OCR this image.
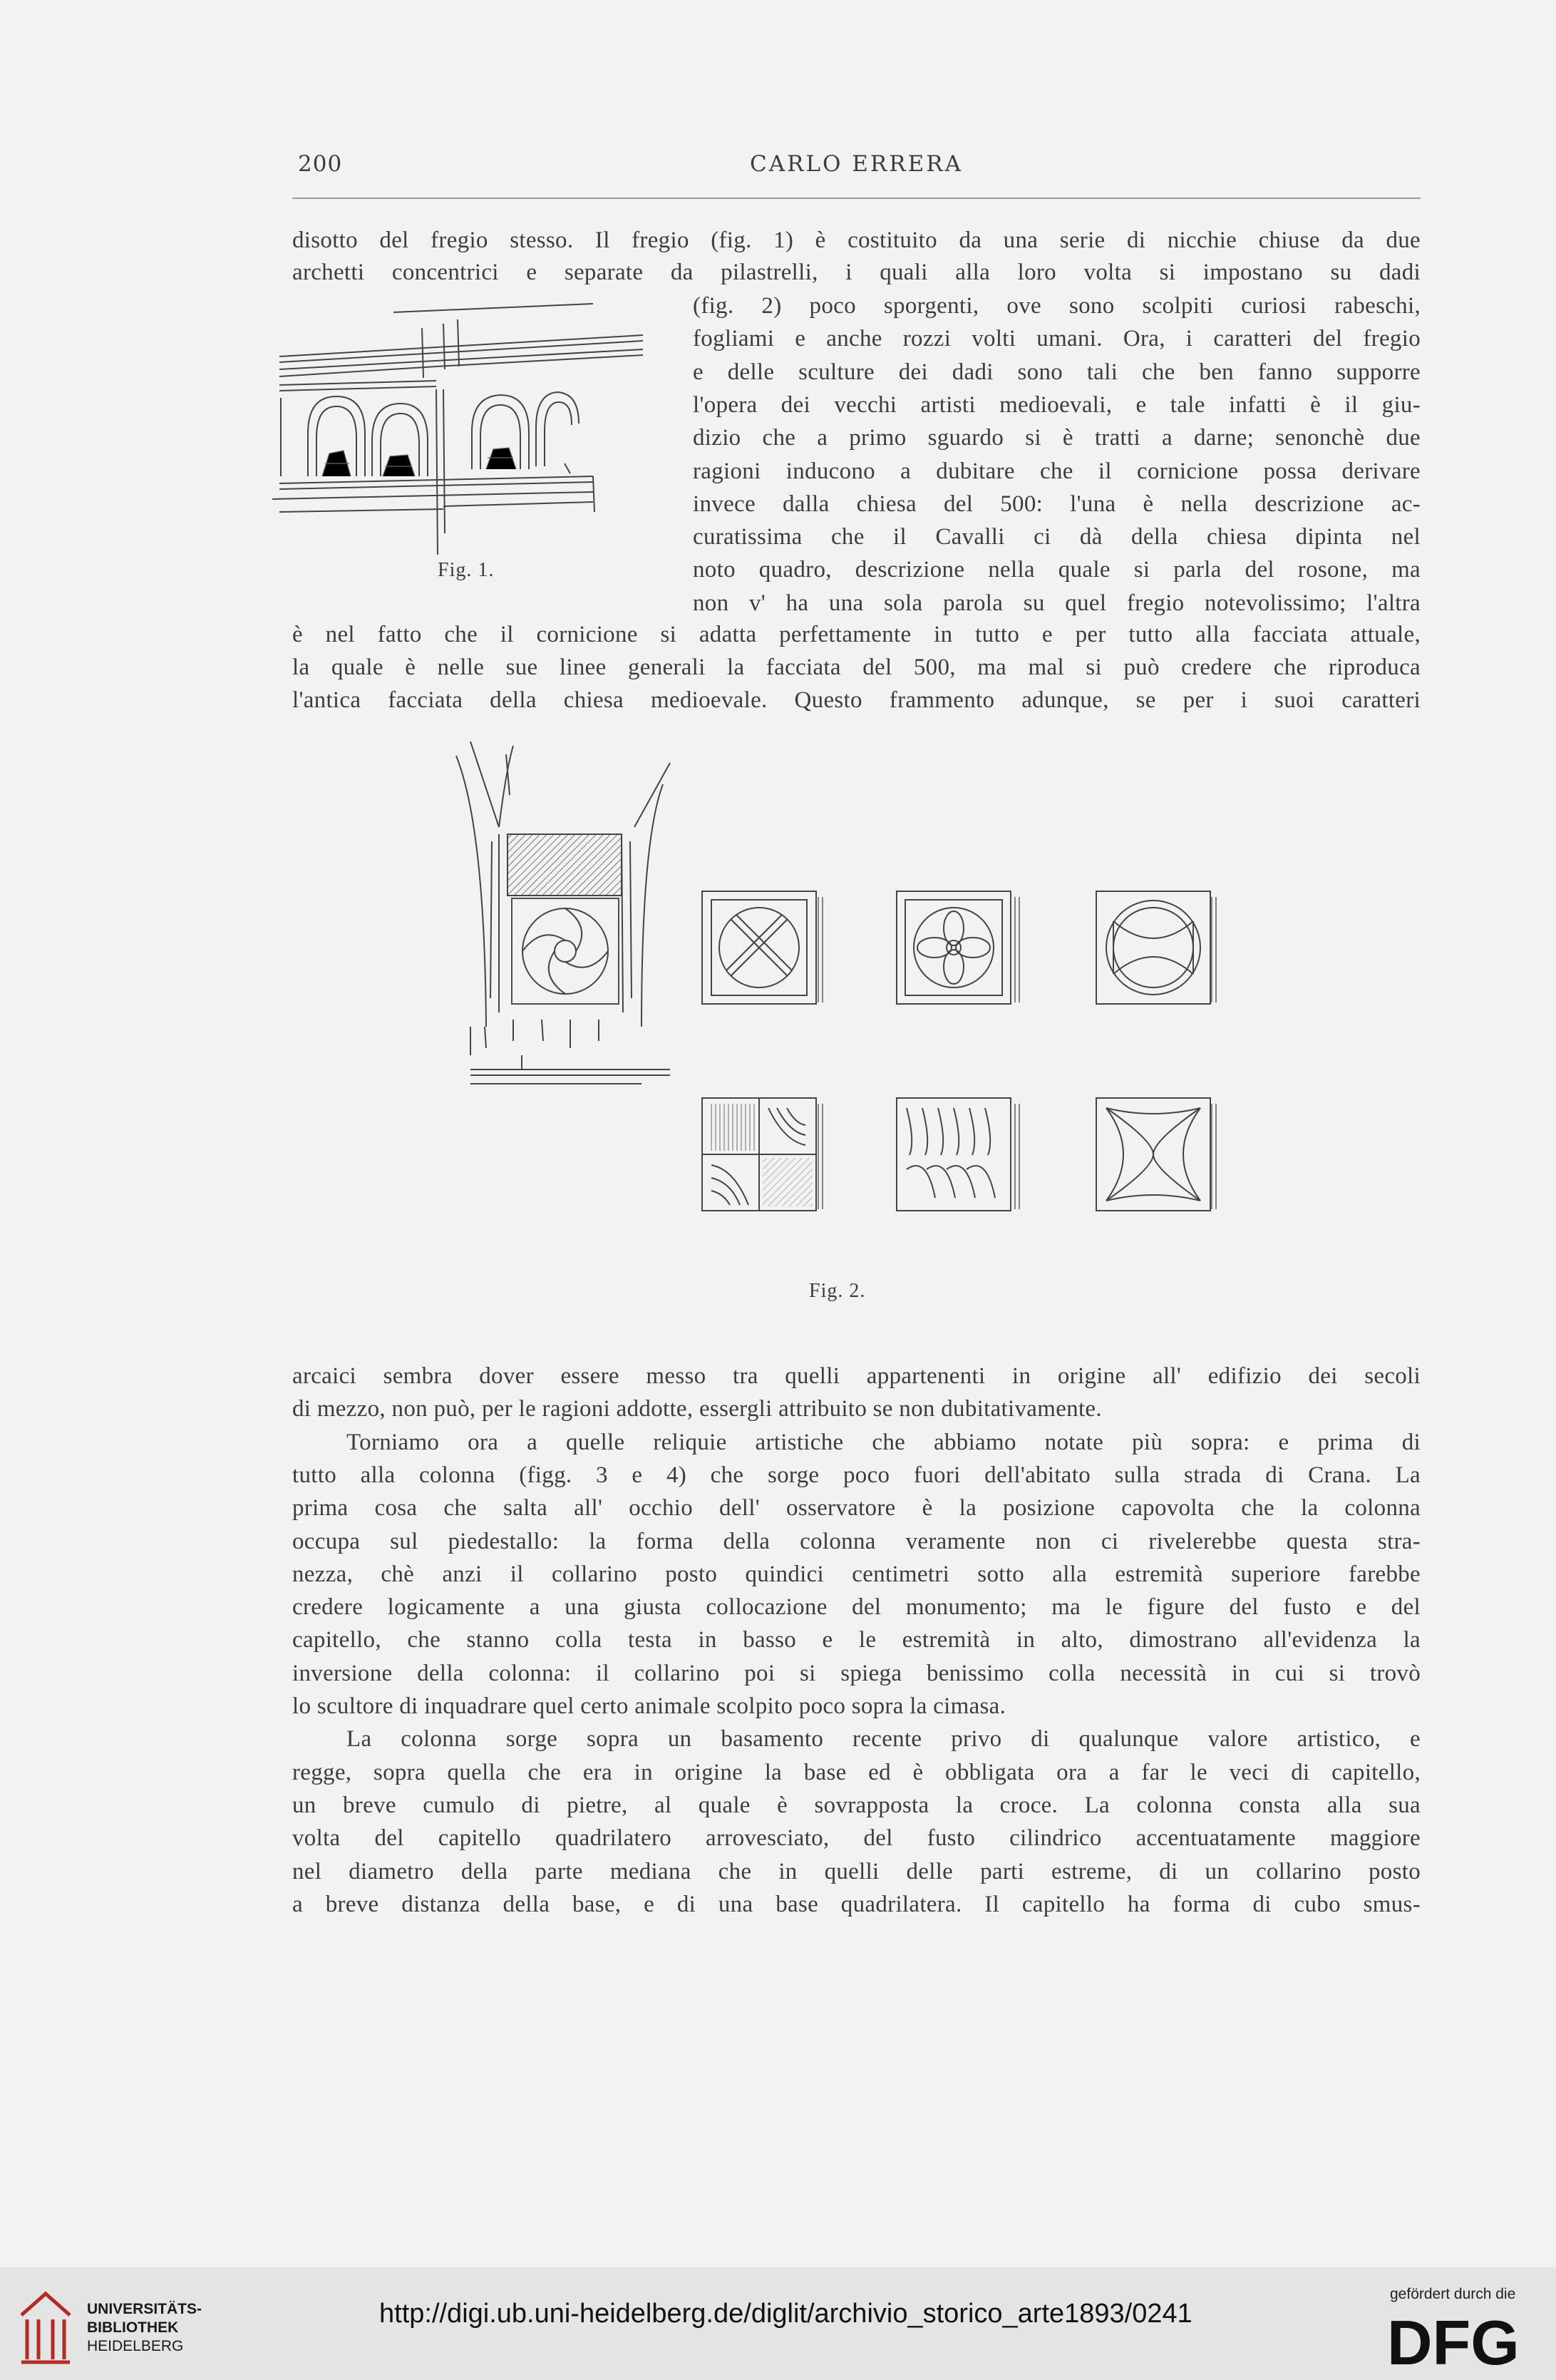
200	CARLO ERRERA
disotto del fregio stesso. Il fregio (fig. 1) è costituito da una serie di nicchie chiuse da due
archetti concentrici e separate da pilastrelli, i quali alla loro volta si impostano su dadi
(fig. 2) poco sporgenti, ove sono scolpiti curiosi rabeschi,
fogliami e anche rozzi volti umani. Ora, i caratteri del fregio
e delle sculture dei dadi sono tali che ben fanno supporre
l'opera dei vecchi artisti medioevali, e tale infatti è il giu-
dizio che a primo sguardo si è tratti a darne; senonchè due
ragioni inducono a dubitare che il cornicione possa derivare
invece dalla chiesa del 500: l'una è nella descrizione ac-
curatissima che il Cavalli ci dà della chiesa dipinta nel
noto quadro, descrizione nella quale si parla del rosone, ma
non v' ha una sola parola su quel fregio notevolissimo; l'altra
è nel fatto che il cornicione si adatta perfettamente in tutto e per tutto alla facciata attuale,
la quale è nelle sue linee generali la facciata del 500, ma mal si può credere che riproduca
l'antica facciata della chiesa medioevale. Questo frammento adunque, se per i suoi caratteri
arcaici sembra dover essere messo tra quelli appartenenti in origine all' edifizio dei secoli
di mezzo, non può, per le ragioni addotte, essergli attribuito se non dubitativamente.
Torniamo ora a quelle reliquie artistiche che abbiamo notate più sopra: e prima di
tutto alla colonna (figg. 3 e 4) che sorge poco fuori dell'abitato sulla strada di Crana. La
prima cosa che salta all' occhio dell' osservatore è la posizione capovolta che la colonna
occupa sul piedestallo: la forma della colonna veramente non ci rivelerebbe questa stra-
nezza, chè anzi il collarino posto quindici centimetri sotto alla estremità superiore farebbe
credere logicamente a una giusta collocazione del monumento; ma le figure del fusto e del
capitello, che stanno colla testa in basso e le estremità in alto, dimostrano all'evidenza la
inversione della colonna: il collarino poi si spiega benissimo colla necessità in cui si trovò
lo scultore di inquadrare quel certo animale scolpito poco sopra la cimasa.
La colonna sorge sopra un basamento recente privo di qualunque valore artistico, e
regge, sopra quella che era in origine la base ed è obbligata ora a far le veci di capitello,
un breve cumulo di pietre, al quale è sovrapposta la croce. La colonna consta alla sua
volta del capitello quadrilatero arrovesciato, del fusto cilindrico accentuatamente maggiore
nel diametro della parte mediana che in quelli delle parti estreme, di un collarino posto
a breve distanza della base, e di una base quadrilatera. Il capitello ha forma di cubo smus-
Fig. 1.
Fig. 2.
UNIVERSITÄTS-
BIBLIOTHEK
HEIDELBERG
http://digi.ub.uni-heidelberg.de/diglit/archivio_storico_arte1893/0241
gefördert durch die
DFG
